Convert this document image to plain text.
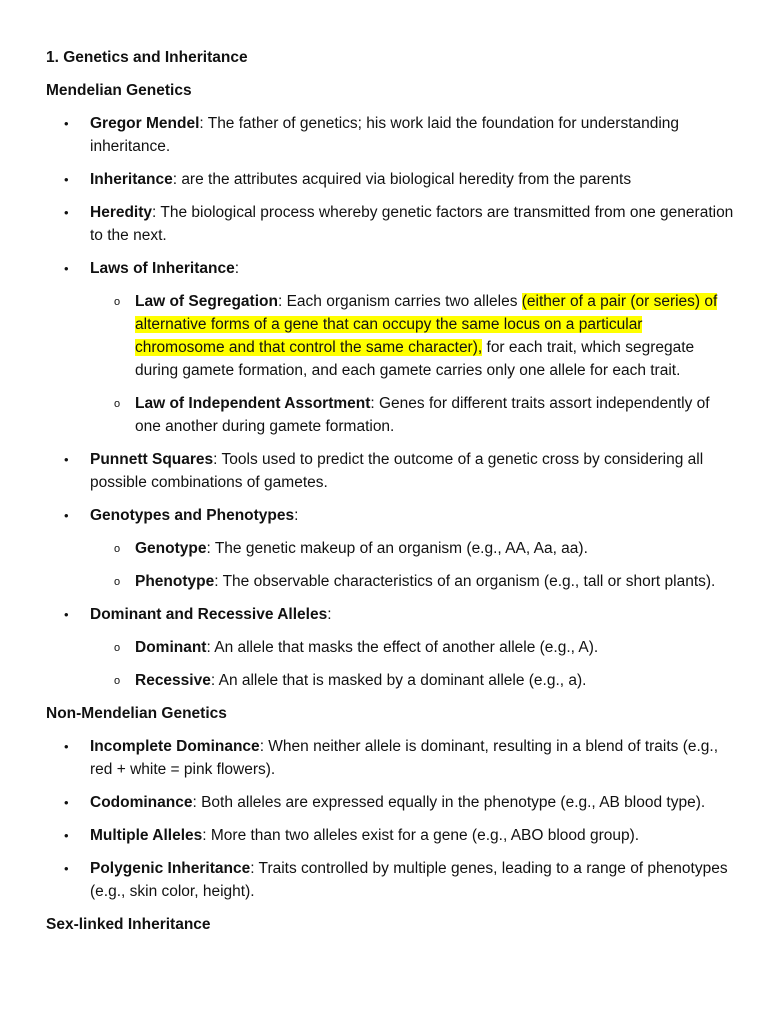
1. Genetics and Inheritance

Mendelian Genetics

• Gregor Mendel: The father of genetics; his work laid the foundation for understanding inheritance.
• Inheritance: are the attributes acquired via biological heredity from the parents
• Heredity: The biological process whereby genetic factors are transmitted from one generation to the next.
• Laws of Inheritance:
o Law of Segregation: Each organism carries two alleles (either of a pair (or series) of alternative forms of a gene that can occupy the same locus on a particular chromosome and that control the same character), for each trait, which segregate during gamete formation, and each gamete carries only one allele for each trait.
o Law of Independent Assortment: Genes for different traits assort independently of one another during gamete formation.
• Punnett Squares: Tools used to predict the outcome of a genetic cross by considering all possible combinations of gametes.
• Genotypes and Phenotypes:
o Genotype: The genetic makeup of an organism (e.g., AA, Aa, aa).
o Phenotype: The observable characteristics of an organism (e.g., tall or short plants).
• Dominant and Recessive Alleles:
o Dominant: An allele that masks the effect of another allele (e.g., A).
o Recessive: An allele that is masked by a dominant allele (e.g., a).

Non-Mendelian Genetics

• Incomplete Dominance: When neither allele is dominant, resulting in a blend of traits (e.g., red + white = pink flowers).
• Codominance: Both alleles are expressed equally in the phenotype (e.g., AB blood type).
• Multiple Alleles: More than two alleles exist for a gene (e.g., ABO blood group).
• Polygenic Inheritance: Traits controlled by multiple genes, leading to a range of phenotypes (e.g., skin color, height).

Sex-linked Inheritance
